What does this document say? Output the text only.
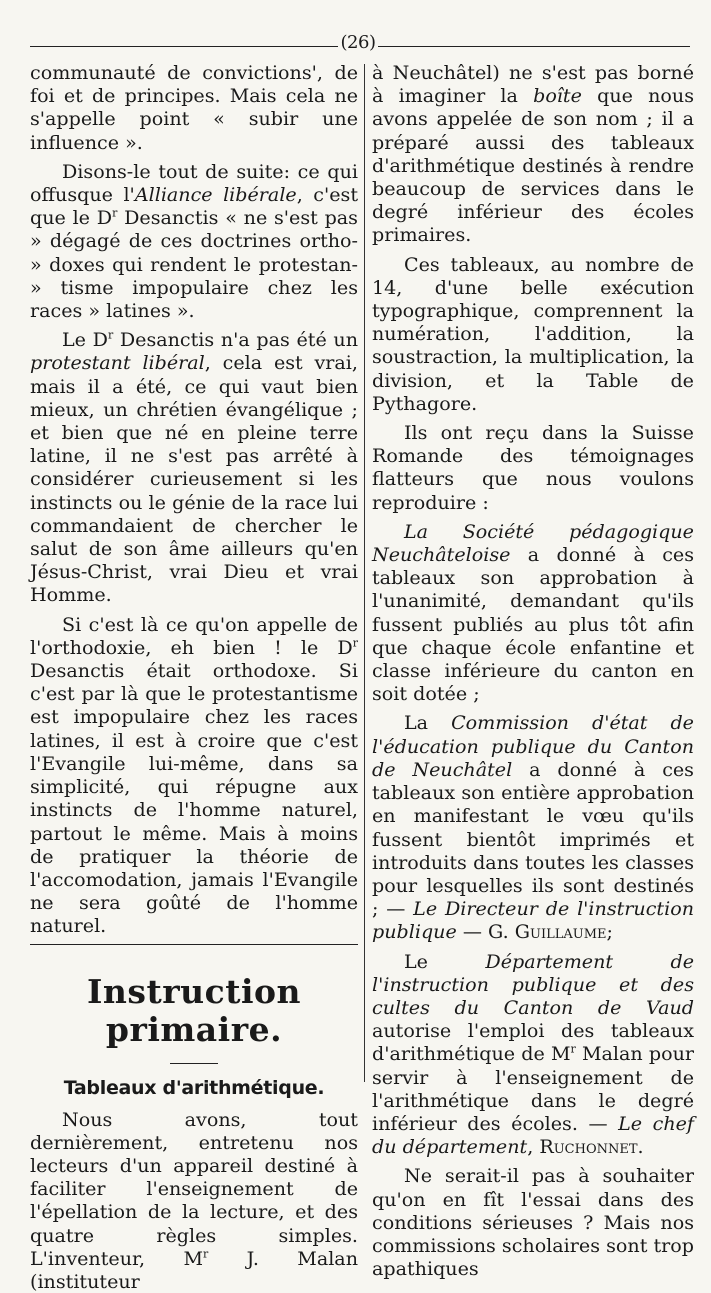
(26)

communauté de convictions', de foi et de principes. Mais cela ne s'appelle point « subir une influence ».

Disons-le tout de suite: ce qui offusque l'Alliance libérale, c'est que le $D^r$ Desanctis « ne s'est pas » dégagé de ces doctrines ortho- » doxes qui rendent le protestan- » tisme impopulaire chez les races » latines ».

Le $D^r$ Desanctis n'a pas été un protestant libéral, cela est vrai, mais il a été, ce qui vaut bien mieux, un chrétien évangélique ; et bien que né en pleine terre latine, il ne s'est pas arrêté à considérer curieusement si les instincts ou le génie de la race lui commandaient de chercher le salut de son âme ailleurs qu'en Jésus-Christ, vrai Dieu et vrai Homme.

Si c'est là ce qu'on appelle de l'orthodoxie, eh bien ! le $D^r$ Desanctis était orthodoxe. Si c'est par là que le protestantisme est impopulaire chez les races latines, il est à croire que c'est l'Evangile lui-même, dans sa simplicité, qui répugne aux instincts de l'homme naturel, partout le même. Mais à moins de pratiquer la théorie de l'accomodation, jamais l'Evangile ne sera goûté de l'homme naturel.

Instruction primaire.
Tableaux d'arithmétique.

Nous avons, tout dernièrement, entretenu nos lecteurs d'un appareil destiné à faciliter l'enseignement de l'épellation de la lecture, et des quatre règles simples. L'inventeur, $M^r$ J. Malan (instituteur

à Neuchâtel) ne s'est pas borné à imaginer la boîte que nous avons appelée de son nom ; il a préparé aussi des tableaux d'arithmétique destinés à rendre beaucoup de services dans le degré inférieur des écoles primaires.

Ces tableaux, au nombre de 14, d'une belle exécution typographique, comprennent la numération, l'addition, la soustraction, la multiplication, la division, et la Table de Pythagore.

Ils ont reçu dans la Suisse Romande des témoignages flatteurs que nous voulons reproduire :

La Société pédagogique Neuchâteloise a donné à ces tableaux son approbation à l'unanimité, demandant qu'ils fussent publiés au plus tôt afin que chaque école enfantine et classe inférieure du canton en soit dotée ;

La Commission d'état de l'éducation publique du Canton de Neuchâtel a donné à ces tableaux son entière approbation en manifestant le vœu qu'ils fussent bientôt imprimés et introduits dans toutes les classes pour lesquelles ils sont destinés ; — Le Directeur de l'instruction publique — G. Guillaume;

Le Département de l'instruction publique et des cultes du Canton de Vaud autorise l'emploi des tableaux d'arithmétique de $M^r$ Malan pour servir à l'enseignement de l'arithmétique dans le degré inférieur des écoles. — Le chef du département, Ruchonnet.

Ne serait-il pas à souhaiter qu'on en fît l'essai dans des conditions sérieuses ? Mais nos commissions scholaires sont trop apathiques
